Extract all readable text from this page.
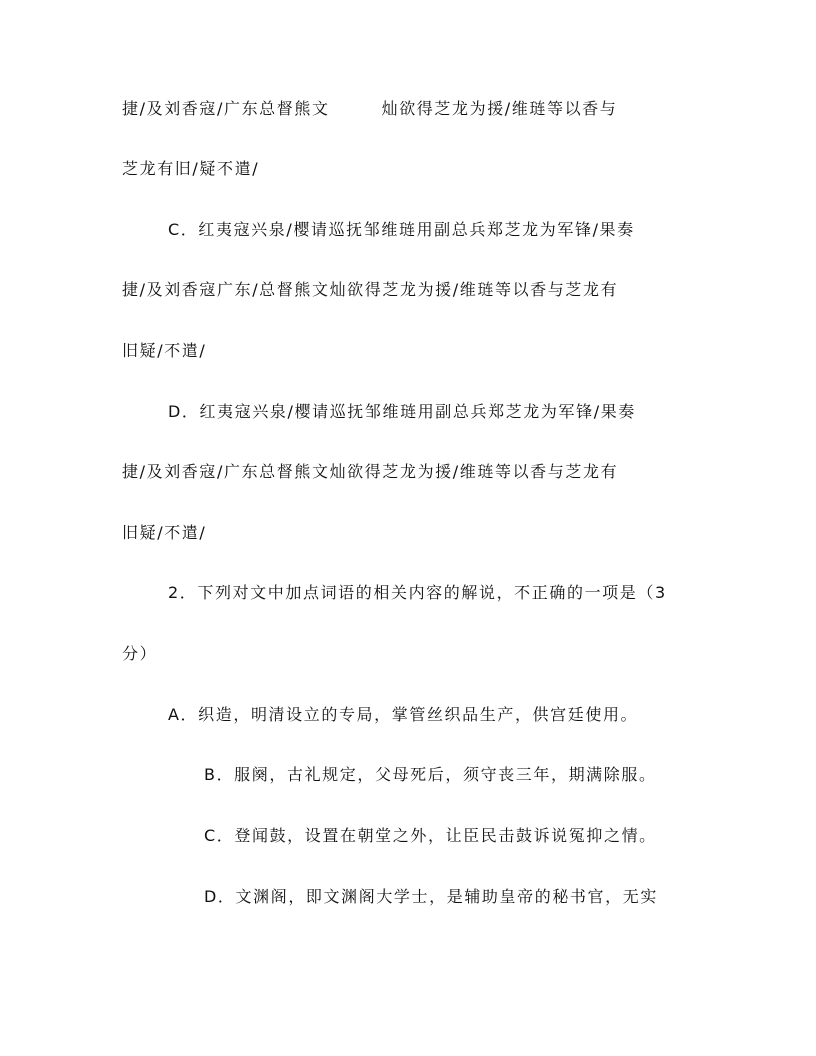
捷/及刘香寇/广东总督熊文	灿欲得芝龙为援/维琏等以香与
芝龙有旧/疑不遣/
C．红夷寇兴泉/樱请巡抚邹维琏用副总兵郑芝龙为军锋/果奏
捷/及刘香寇广东/总督熊文灿欲得芝龙为援/维琏等以香与芝龙有
旧疑/不遣/
D．红夷寇兴泉/樱请巡抚邹维琏用副总兵郑芝龙为军锋/果奏
捷/及刘香寇/广东总督熊文灿欲得芝龙为援/维琏等以香与芝龙有
旧疑/不遣/
2．下列对文中加点词语的相关内容的解说，不正确的一项是（3
分）
A．织造，明清设立的专局，掌管丝织品生产，供宫廷使用。
B．服阕，古礼规定，父母死后，须守丧三年，期满除服。
C．登闻鼓，设置在朝堂之外，让臣民击鼓诉说冤抑之情。
D．文渊阁，即文渊阁大学士，是辅助皇帝的秘书官，无实
